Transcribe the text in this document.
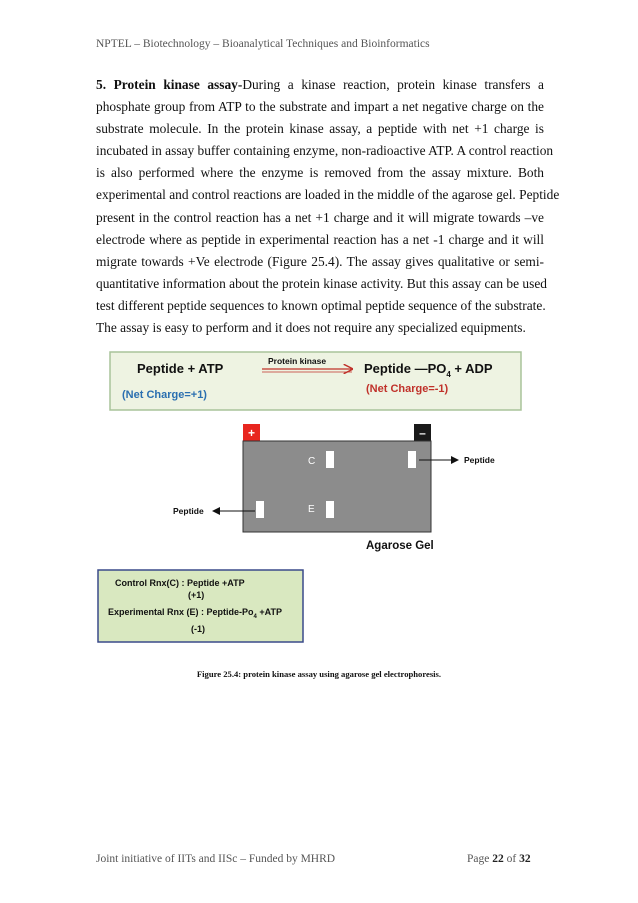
NPTEL – Biotechnology – Bioanalytical Techniques and Bioinformatics
5. Protein kinase assay-During a kinase reaction, protein kinase transfers a
phosphate group from ATP to the substrate and impart a net negative charge on the
substrate molecule. In the protein kinase assay, a peptide with net +1 charge is
incubated in assay buffer containing enzyme, non-radioactive ATP. A control reaction
is also performed where the enzyme is removed from the assay mixture. Both
experimental and control reactions are loaded in the middle of the agarose gel. Peptide
present in the control reaction has a net +1 charge and it will migrate towards –ve
electrode where as peptide in experimental reaction has a net -1 charge and it will
migrate towards +Ve electrode (Figure 25.4). The assay gives qualitative or semi-
quantitative information about the protein kinase activity. But this assay can be used
test different peptide sequences to known optimal peptide sequence of the substrate.
The assay is easy to perform and it does not require any specialized equipments.
Peptide + ATP	Protein kinase	Peptide $—PO_4$ + ADP
(Net Charge=+1)	(Net Charge=-1)
+	–
C
E
Peptide
Peptide
Agarose Gel
Control Rnx(C) : Peptide +ATP
(+1)
Experimental Rnx (E) : Peptide-$Po_4 +ATP$
(-1)
Figure 25.4: protein kinase assay using agarose gel electrophoresis.
Joint initiative of IITs and IISc – Funded by MHRD	Page 22 of 32
